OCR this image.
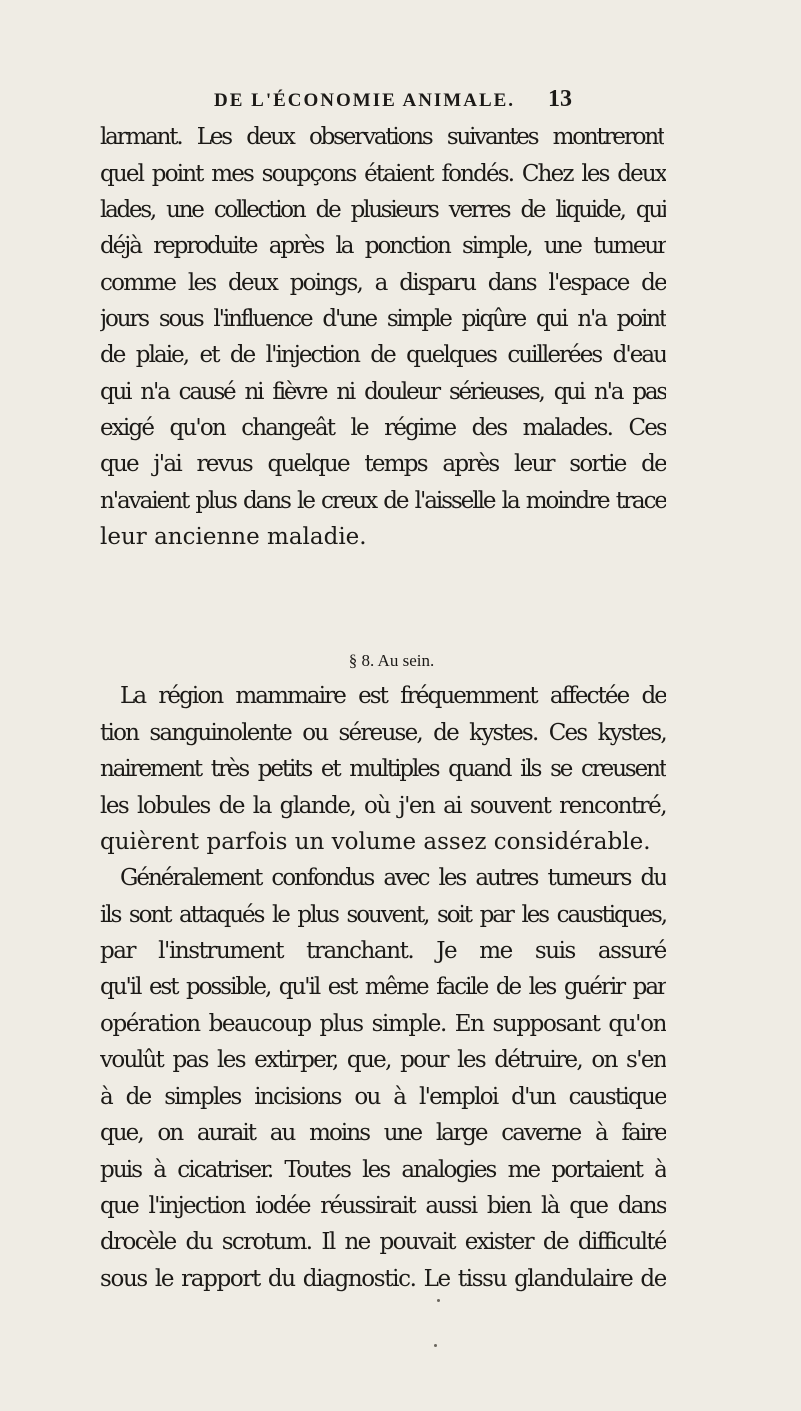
DE L'ÉCONOMIE ANIMALE. 13
larmant. Les deux observations suivantes montreront
quel point mes soupçons étaient fondés. Chez les deux
lades, une collection de plusieurs verres de liquide, qui
déjà reproduite après la ponction simple, une tumeur
comme les deux poings, a disparu dans l'espace de
jours sous l'influence d'une simple piqûre qui n'a point
de plaie, et de l'injection de quelques cuillerées d'eau
qui n'a causé ni fièvre ni douleur sérieuses, qui n'a pas
exigé qu'on changeât le régime des malades. Ces
que j'ai revus quelque temps après leur sortie de
n'avaient plus dans le creux de l'aisselle la moindre trace
leur ancienne maladie.
§ 8. Au sein.
La région mammaire est fréquemment affectée de
tion sanguinolente ou séreuse, de kystes. Ces kystes,
nairement très petits et multiples quand ils se creusent
les lobules de la glande, où j'en ai souvent rencontré,
quièrent parfois un volume assez considérable.
Généralement confondus avec les autres tumeurs du
ils sont attaqués le plus souvent, soit par les caustiques,
par l'instrument tranchant. Je me suis assuré
qu'il est possible, qu'il est même facile de les guérir par
opération beaucoup plus simple. En supposant qu'on
voulût pas les extirper, que, pour les détruire, on s'en
à de simples incisions ou à l'emploi d'un caustique
que, on aurait au moins une large caverne à faire
puis à cicatriser. Toutes les analogies me portaient à
que l'injection iodée réussirait aussi bien là que dans
drocèle du scrotum. Il ne pouvait exister de difficulté
sous le rapport du diagnostic. Le tissu glandulaire de
